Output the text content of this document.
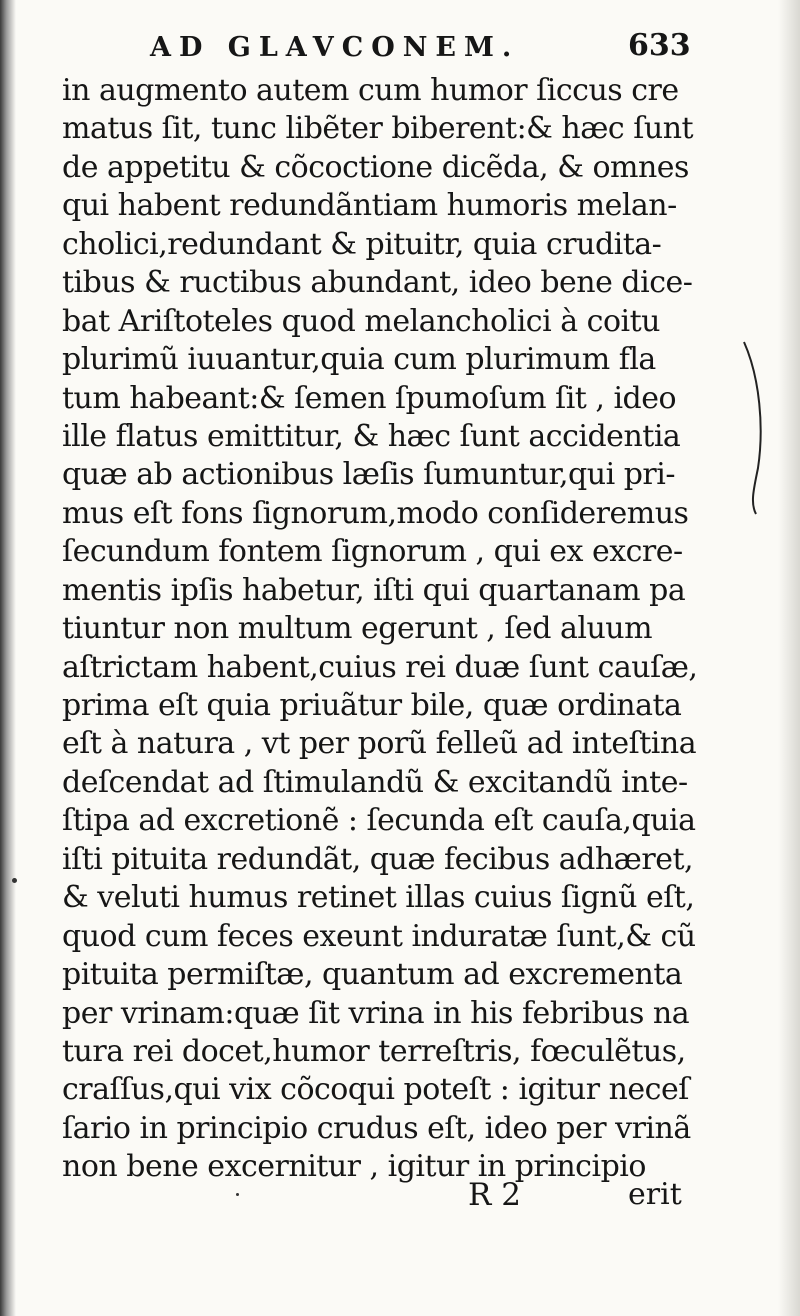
AD GLAVCONEM.	633
in augmento autem cum humor ſiccus cre
matus ſit, tunc libẽter biberent:& hæc ſunt
de appetitu & cõcoctione dicẽda, & omnes
qui habent redundãntiam humoris melan-
cholici,redundant & pituitr, quia crudita-
tibus & ructibus abundant, ideo bene dice-
bat Ariſtoteles quod melancholici à coitu
plurimũ iuuantur,quia cum plurimum fla
tum habeant:& ſemen ſpumoſum ſit , ideo
ille flatus emittitur, & hæc ſunt accidentia
quæ ab actionibus læſis ſumuntur,qui pri-
mus eſt fons ſignorum,modo conſideremus
ſecundum fontem ſignorum , qui ex excre-
mentis ipſis habetur, iſti qui quartanam pa
tiuntur non multum egerunt , ſed aluum
aſtrictam habent,cuius rei duæ ſunt cauſæ,
prima eſt quia priuãtur bile, quæ ordinata
eſt à natura , vt per porũ felleũ ad inteſtina
deſcendat ad ſtimulandũ & excitandũ inte-
ſtipa ad excretionẽ : ſecunda eſt cauſa,quia
iſti pituita redundãt, quæ fecibus adhæret,
& veluti humus retinet illas cuius ſignũ eſt,
quod cum feces exeunt induratæ ſunt,& cũ
pituita permiſtæ, quantum ad excrementa
per vrinam:quæ ſit vrina in his febribus na
tura rei docet,humor terreſtris, fœculẽtus,
craſſus,qui vix cõcoqui poteſt : igitur neceſ
ſario in principio crudus eſt, ideo per vrinã
non bene excernitur , igitur in principio
R 2	erit
